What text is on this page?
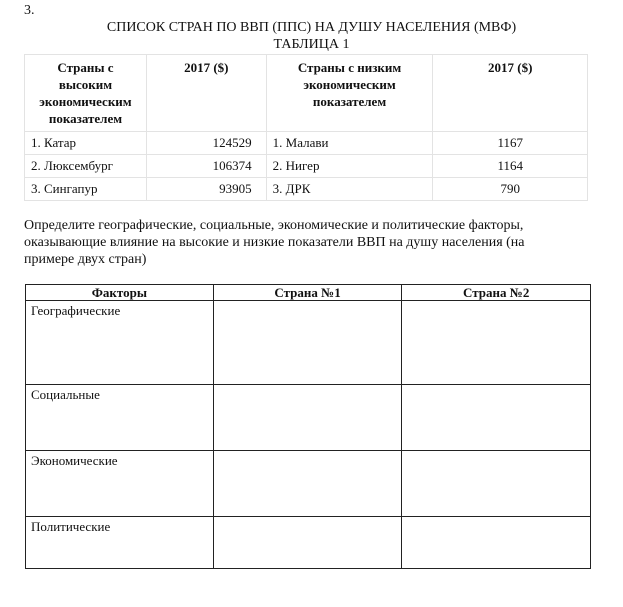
3.
СПИСОК СТРАН ПО ВВП (ППС) НА ДУШУ НАСЕЛЕНИЯ (МВФ)
ТАБЛИЦА 1
Страны с высоким экономическим показателем	2017 ($)	Страны с низким экономическим показателем	2017 ($)
1. Катар	124529	1. Малави	1167
2. Люксембург	106374	2. Нигер	1164
3. Сингапур	93905	3. ДРК	790
Определите географические, социальные, экономические и политические факторы,
оказывающие влияние на высокие и низкие показатели ВВП на душу населения (на
примере двух стран)
Факторы	Страна №1	Страна №2
Географические		
Социальные		
Экономические		
Политические		
